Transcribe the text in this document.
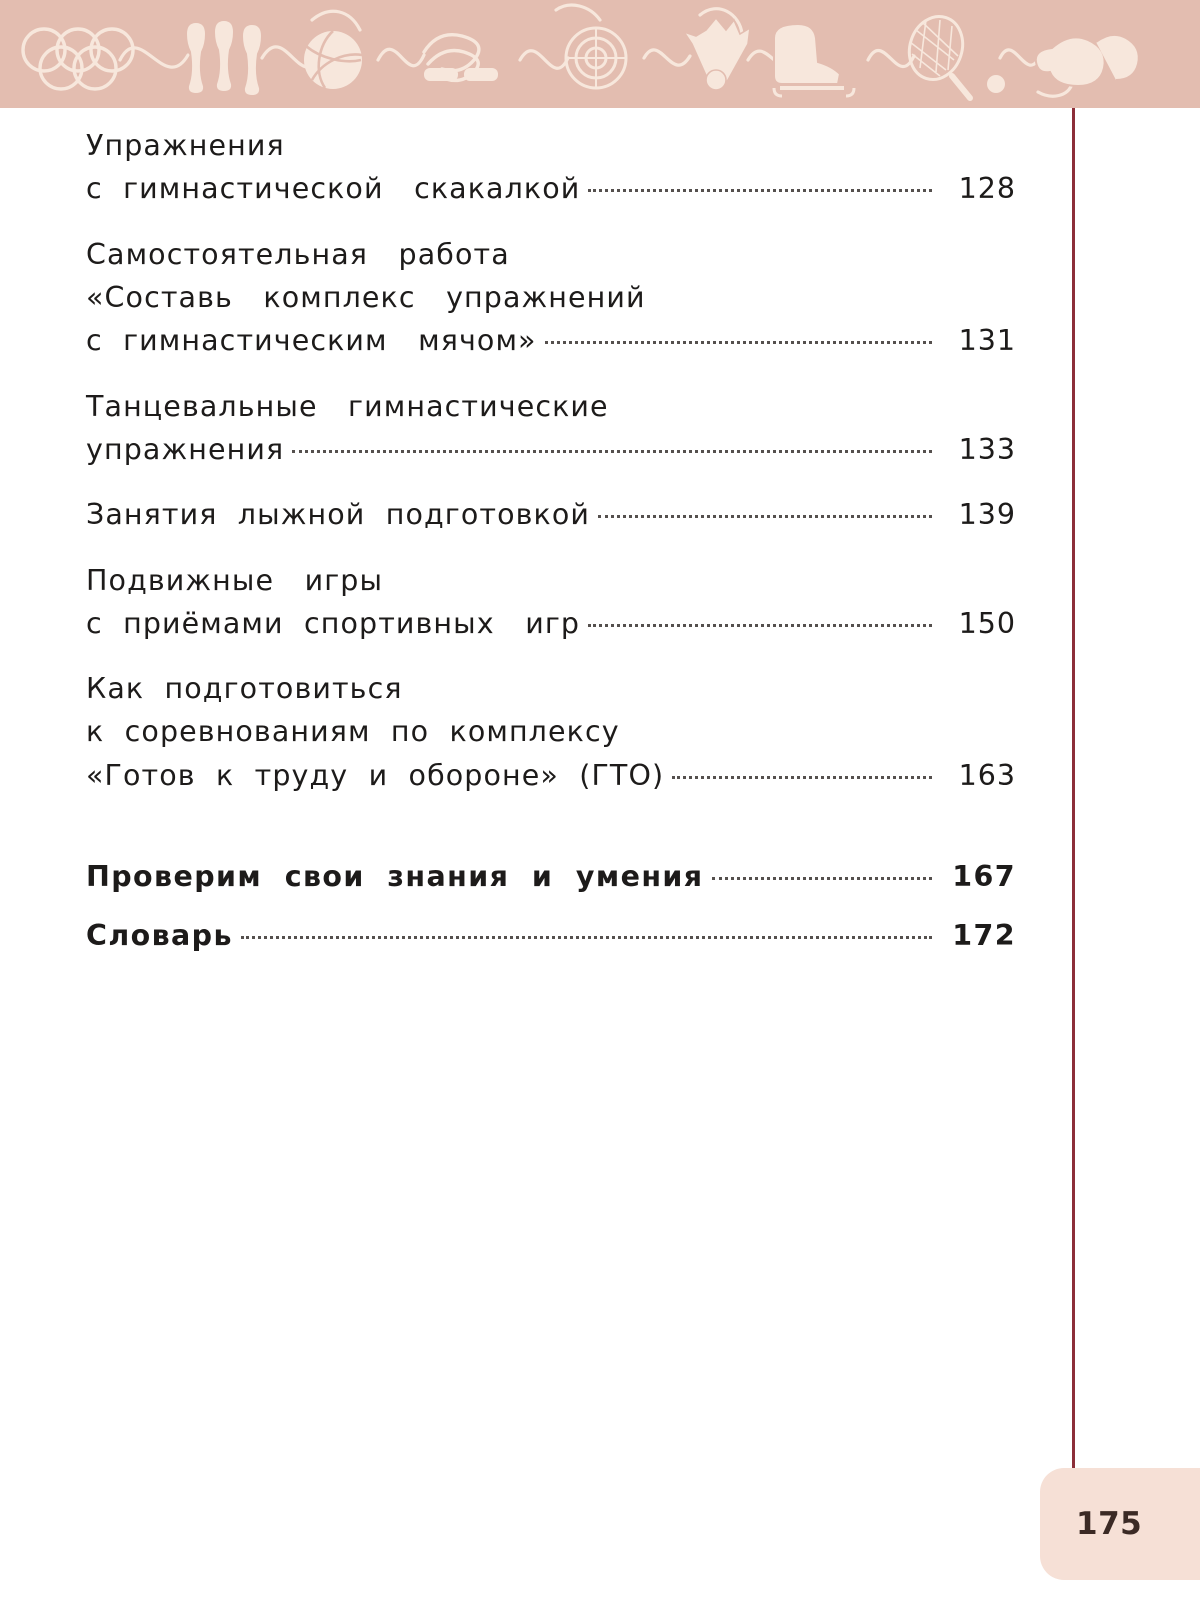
Упражнения
с  гимнастической   скакалкой	128
Самостоятельная   работа
«Составь   комплекс   упражнений
с  гимнастическим   мячом»	131
Танцевальные   гимнастические
упражнения	133
Занятия  лыжной  подготовкой	139
Подвижные   игры
с  приёмами  спортивных   игр	150
Как  подготовиться
к  соревнованиям  по  комплексу
«Готов  к  труду  и  обороне»  (ГТО)	163
Проверим  свои  знания  и  умения	167
Словарь	172
175
